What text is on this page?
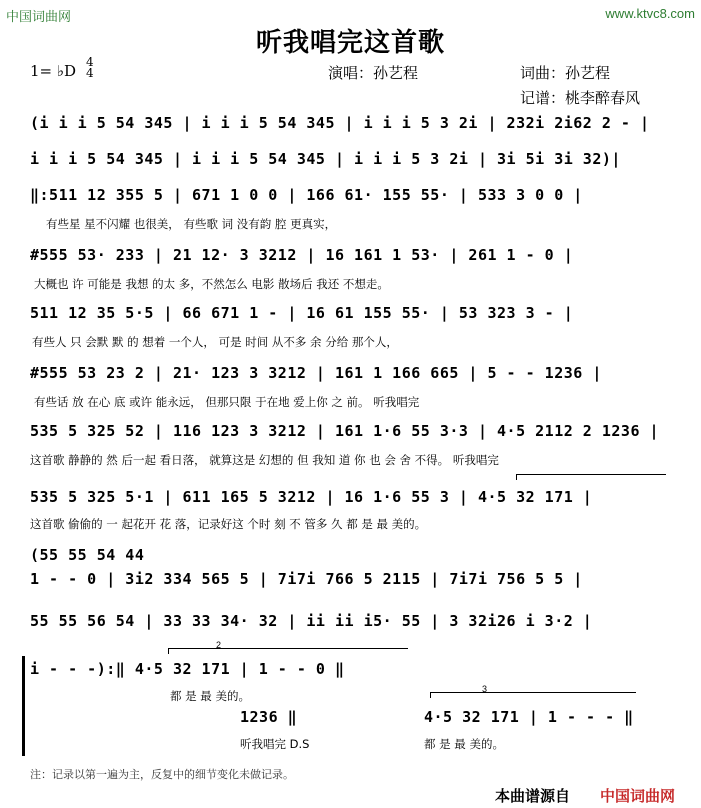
中国词曲网	www.ktvc8.com
听我唱完这首歌
1= ♭D 4
4	演唱：孙艺程	词曲：孙艺程
记谱：桃李醉春风
(i i i 5 54 345 | i i i 5 54 345 | i i i 5 3 2i | 232i 2i62 2 - |
i i i 5 54 345 | i i i 5 54 345 | i i i 5 3 2i | 3i 5i 3i 32)|
‖:511 12 355 5 | 671 1 0 0 | 166 61· 155 55· | 533 3 0 0 |
有些星 星不闪耀 也很美， 有些歌 词 没有韵 腔 更真实，
#555 53· 233 | 21 12· 3 3212 | 16 161 1 53· | 261 1 - 0 |
大概也 许 可能是 我想 的太 多，不然怎么 电影 散场后 我还 不想走。
511 12 35 5·5 | 66 671 1 - | 16 61 155 55· | 53 323 3 - |
有些人 只 会默 默 的 想着 一个人， 可是 时间 从不多 余 分给 那个人，
#555 53 23 2 | 21· 123 3 3212 | 161 1 166 665 | 5 - - 1236 |
有些话 放 在心 底 或许 能永远， 但那只限 于在地 爱上你 之 前。 听我唱完
535 5 325 52 | 116 123 3 3212 | 161 1·6 55 3·3 | 4·5 2112 2 1236 |
这首歌 静静的 然 后一起 看日落， 就算这是 幻想的 但 我知 道 你 也 会 舍 不得。 听我唱完
535 5 325 5·1 | 611 165 5 3212 | 16 1·6 55 3 | 4·5 32 171 |
这首歌 偷偷的 一 起花开 花 落，记录好这 个时 刻 不 管多 久 都 是 最 美的。
(55 55 54 44
1 - - 0 | 3i2 334 565 5 | 7i7i 766 5 2115 | 7i7i 756 5 5 |
55 55 56 54 | 33 33 34· 32 | ii ii i5· 55 | 3 32i26 i 3·2 |
i - - -):‖ 4·5 32 171 | 1 - - 0 ‖
都 是 最 美的。
1236 ‖
听我唱完 D.S
4·5 32 171 | 1 - - - ‖
都 是 最 美的。
2
3
注：记录以第一遍为主，反复中的细节变化未做记录。
本曲谱源自 中国词曲网
